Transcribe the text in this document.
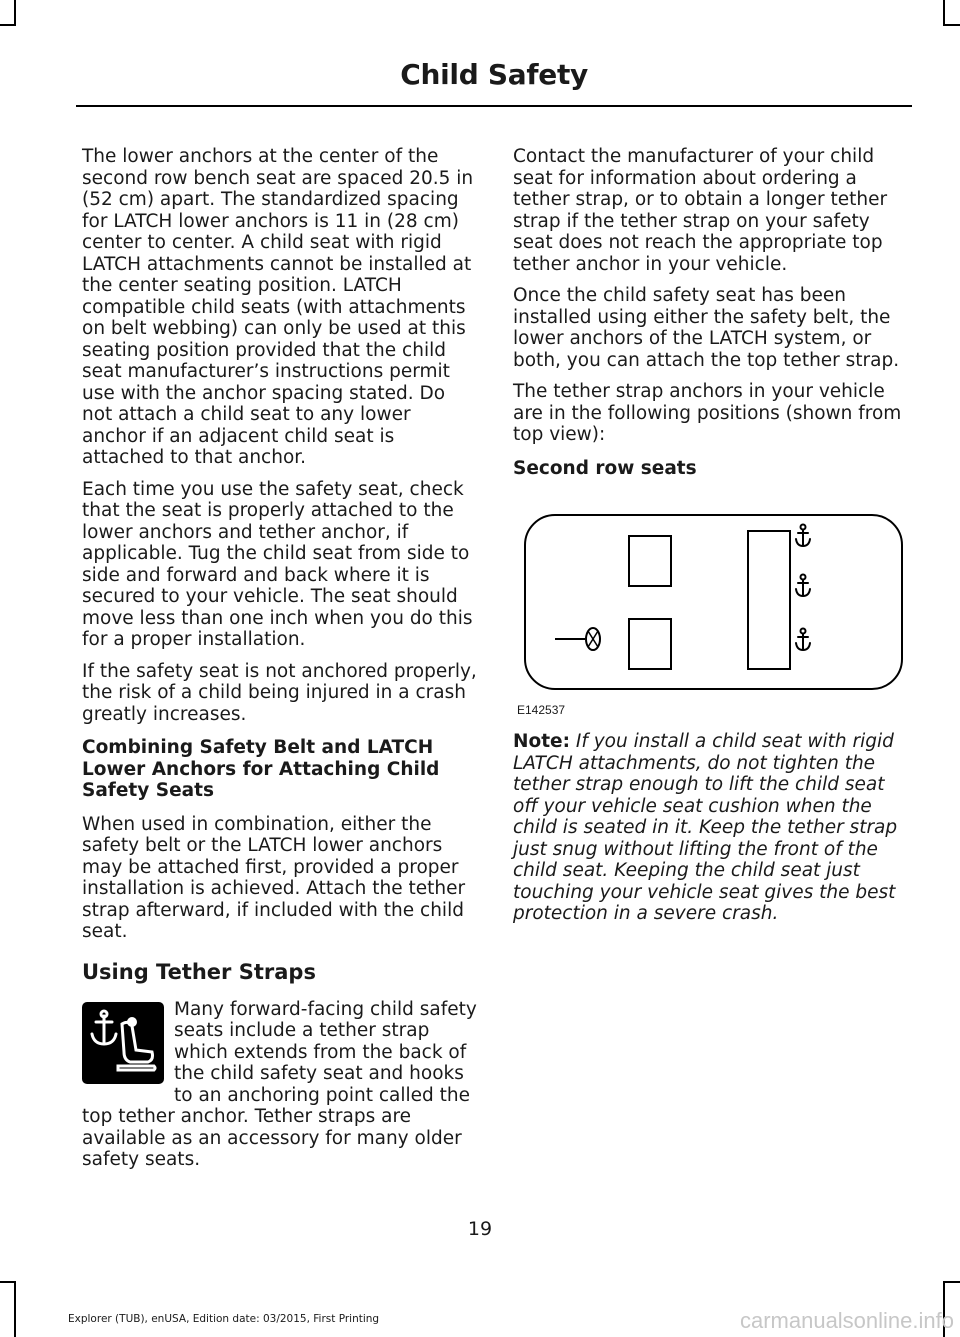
Child Safety

The lower anchors at the center of the second row bench seat are spaced 20.5 in (52 cm) apart. The standardized spacing for LATCH lower anchors is 11 in (28 cm) center to center. A child seat with rigid LATCH attachments cannot be installed at the center seating position. LATCH compatible child seats (with attachments on belt webbing) can only be used at this seating position provided that the child seat manufacturer’s instructions permit use with the anchor spacing stated. Do not attach a child seat to any lower anchor if an adjacent child seat is attached to that anchor.

Each time you use the safety seat, check that the seat is properly attached to the lower anchors and tether anchor, if applicable. Tug the child seat from side to side and forward and back where it is secured to your vehicle. The seat should move less than one inch when you do this for a proper installation.

If the safety seat is not anchored properly, the risk of a child being injured in a crash greatly increases.

Combining Safety Belt and LATCH Lower Anchors for Attaching Child Safety Seats

When used in combination, either the safety belt or the LATCH lower anchors may be attached first, provided a proper installation is achieved. Attach the tether strap afterward, if included with the child seat.

Using Tether Straps

Many forward-facing child safety seats include a tether strap which extends from the back of the child safety seat and hooks to an anchoring point called the top tether anchor. Tether straps are available as an accessory for many older safety seats.

Contact the manufacturer of your child seat for information about ordering a tether strap, or to obtain a longer tether strap if the tether strap on your safety seat does not reach the appropriate top tether anchor in your vehicle.

Once the child safety seat has been installed using either the safety belt, the lower anchors of the LATCH system, or both, you can attach the top tether strap.

The tether strap anchors in your vehicle are in the following positions (shown from top view):

Second row seats
E142537

Note: If you install a child seat with rigid LATCH attachments, do not tighten the tether strap enough to lift the child seat off your vehicle seat cushion when the child is seated in it. Keep the tether strap just snug without lifting the front of the child seat. Keeping the child seat just touching your vehicle seat gives the best protection in a severe crash.

19
Explorer (TUB), enUSA, Edition date: 03/2015, First Printing	carmanualsonline.info
